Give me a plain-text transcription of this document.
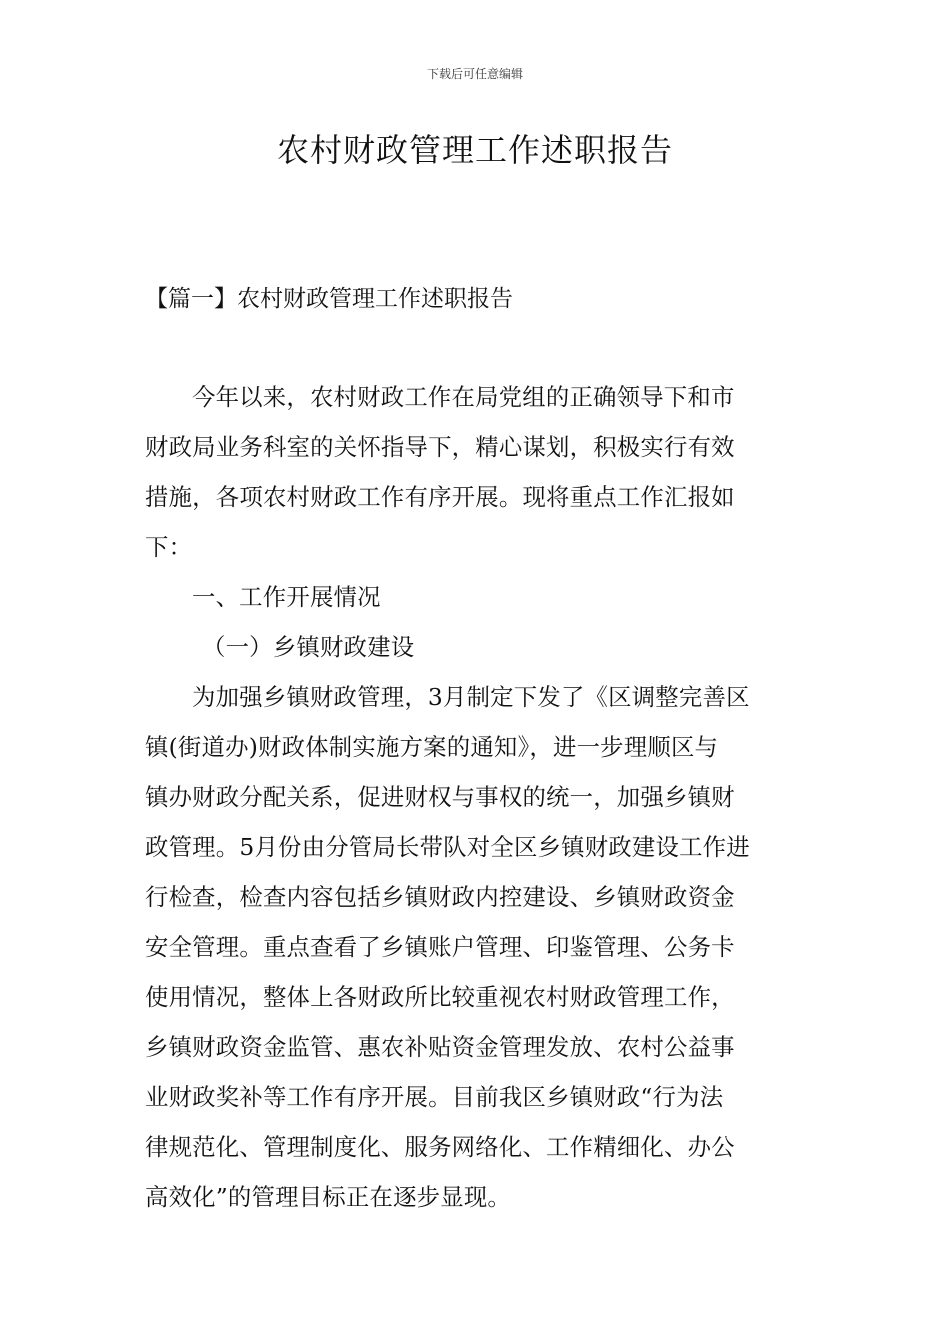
下载后可任意编辑
农村财政管理工作述职报告
【篇一】农村财政管理工作述职报告
今年以来，农村财政工作在局党组的正确领导下和市
财政局业务科室的关怀指导下，精心谋划，积极实行有效
措施，各项农村财政工作有序开展。现将重点工作汇报如
下：
一、工作开展情况
（一）乡镇财政建设
为加强乡镇财政管理，3月制定下发了《区调整完善区
镇(街道办)财政体制实施方案的通知》，进一步理顺区与
镇办财政分配关系，促进财权与事权的统一，加强乡镇财
政管理。5月份由分管局长带队对全区乡镇财政建设工作进
行检查，检查内容包括乡镇财政内控建设、乡镇财政资金
安全管理。重点查看了乡镇账户管理、印鉴管理、公务卡
使用情况，整体上各财政所比较重视农村财政管理工作，
乡镇财政资金监管、惠农补贴资金管理发放、农村公益事
业财政奖补等工作有序开展。目前我区乡镇财政“行为法
律规范化、管理制度化、服务网络化、工作精细化、办公
高效化”的管理目标正在逐步显现。
